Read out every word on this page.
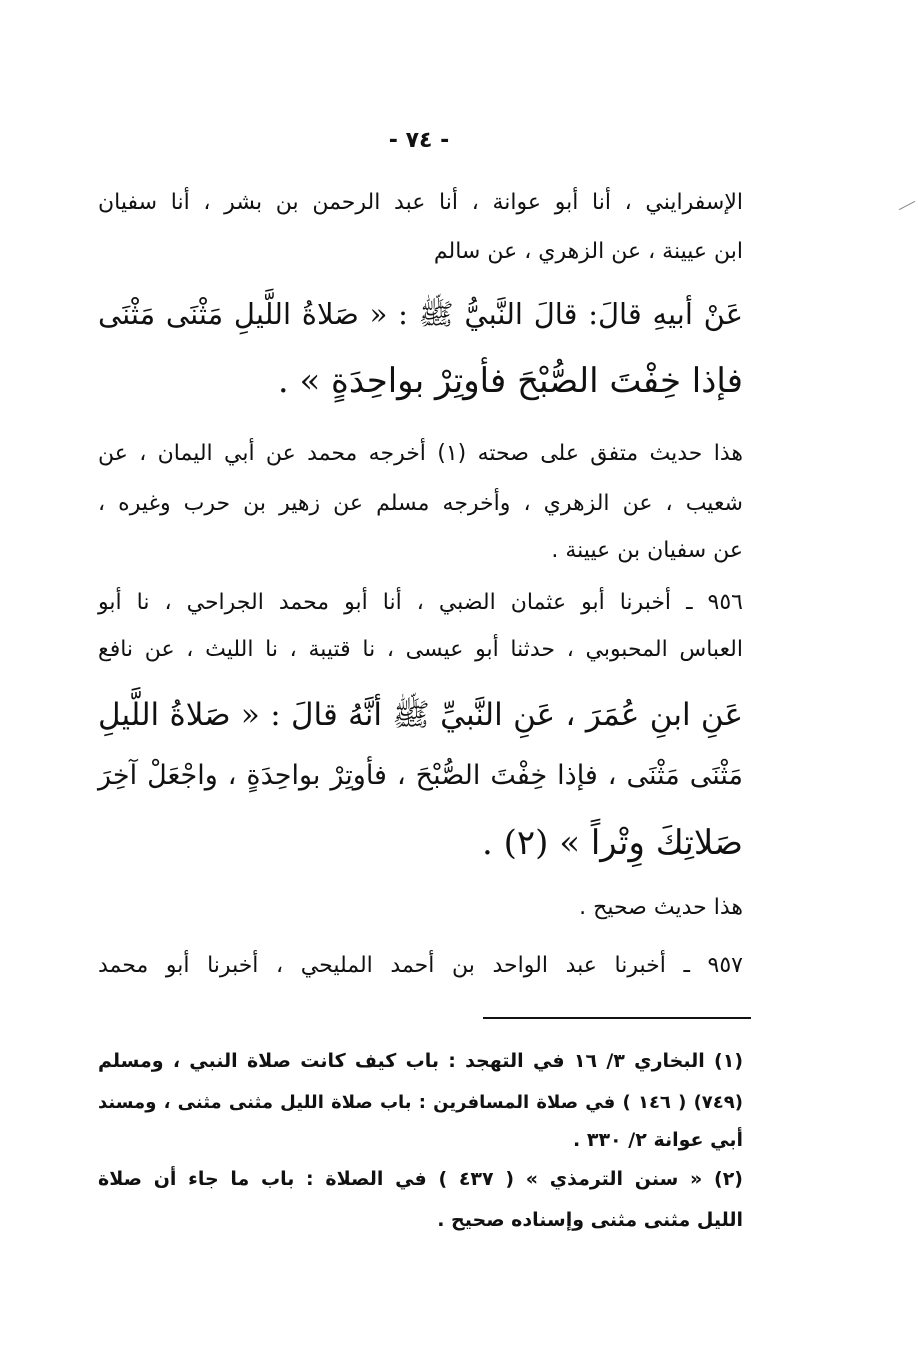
- ٧٤ -
الإسفرايني ، أنا أبو عوانة ، أنا عبد الرحمن بن بشر ، أنا سفيان
ابن عيينة ، عن الزهري ، عن سالم
عَنْ أبيهِ قالَ: قالَ النَّبيُّ ﷺ : « صَلاةُ اللَّيلِ مَثْنَى مَثْنَى
فإذا خِفْتَ الصُّبْحَ فأوتِرْ بواحِدَةٍ » .
هذا حديث متفق على صحته (١) أخرجه محمد عن أبي اليمان ، عن
شعيب ، عن الزهري ، وأخرجه مسلم عن زهير بن حرب وغيره ،
عن سفيان بن عيينة .
٩٥٦ ـ أخبرنا أبو عثمان الضبي ، أنا أبو محمد الجراحي ، نا أبو
العباس المحبوبي ، حدثنا أبو عيسى ، نا قتيبة ، نا الليث ، عن نافع
عَنِ ابنِ عُمَرَ ، عَنِ النَّبيِّ ﷺ أنَّهُ قالَ : « صَلاةُ اللَّيلِ
مَثْنَى مَثْنَى ، فإذا خِفْتَ الصُّبْحَ ، فأوتِرْ بواحِدَةٍ ، واجْعَلْ آخِرَ
صَلاتِكَ وِتْراً » (٢) .
هذا حديث صحيح .
٩٥٧ ـ أخبرنا عبد الواحد بن أحمد المليحي ، أخبرنا أبو محمد
(١) البخاري ٣/ ١٦ في التهجد : باب كيف كانت صلاة النبي ، ومسلم
(٧٤٩) ( ١٤٦ ) في صلاة المسافرين : باب صلاة الليل مثنى مثنى ، ومسند
أبي عوانة ٢/ ٣٣٠ .
(٢) « سنن الترمذي » ( ٤٣٧ ) في الصلاة : باب ما جاء أن صلاة
الليل مثنى مثنى وإسناده صحيح .
